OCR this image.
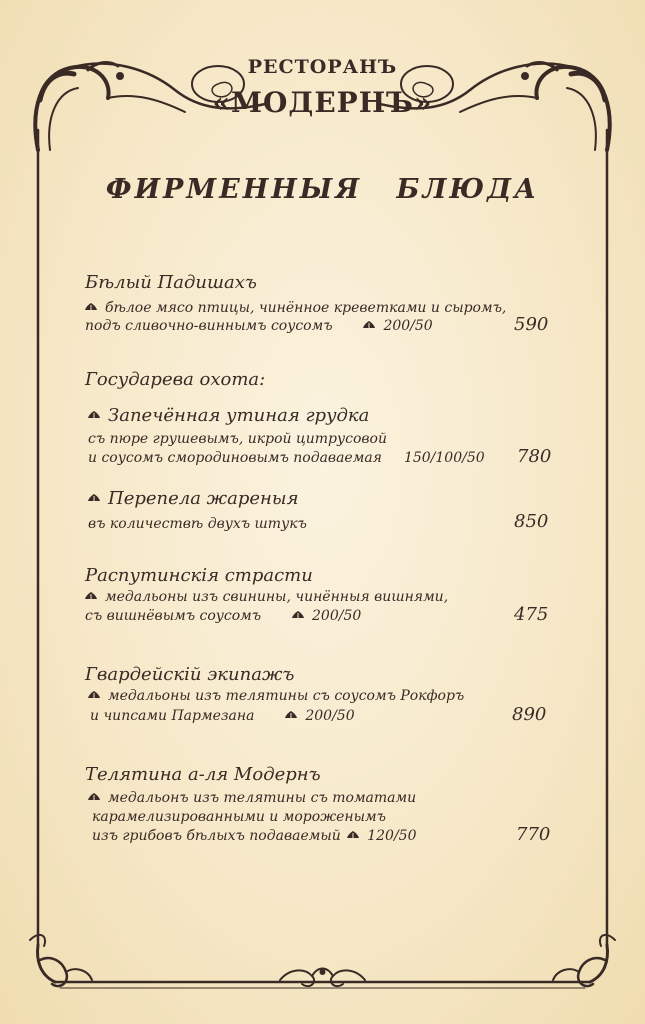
РЕСТОРАНЪ
«МОДЕРНЪ»
ФИРМЕННЫЯ БЛЮДА
Бѣлый Падишахъ
бѣлое мясо птицы, чинённое креветками и сыромъ,
подъ сливочно-виннымъ соусомъ	200/50	590
Государева охота:
Запечённая утиная грудка
съ пюре грушевымъ, икрой цитрусовой
и соусомъ смородиновымъ подаваемая 150/100/50 780
Перепела жареныя
въ количествѣ двухъ штукъ	850
Распутинскія страсти
медальоны изъ свинины, чинённыя вишнями,
съ вишнёвымъ соусомъ	200/50	475
Гвардейскій экипажъ
медальоны изъ телятины съ соусомъ Рокфоръ
и чипсами Пармезана	200/50	890
Телятина а-ля Модернъ
медальонъ изъ телятины съ томатами
карамелизированными и мороженымъ
изъ грибовъ бѣлыхъ подаваемый 120/50	770
